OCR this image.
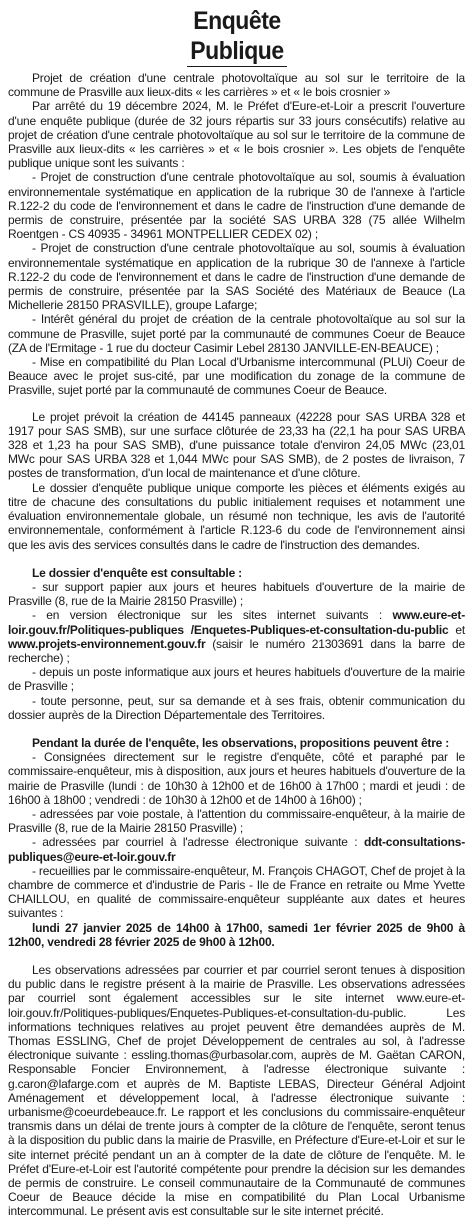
Enquête Publique

Projet de création d'une centrale photovoltaïque au sol sur le territoire de la commune de Prasville aux lieux-dits « les carrières » et « le bois crosnier »

Par arrêté du 19 décembre 2024, M. le Préfet d'Eure-et-Loir a prescrit l'ouverture d'une enquête publique (durée de 32 jours répartis sur 33 jours consécutifs) relative au projet de création d'une centrale photovoltaïque au sol sur le territoire de la commune de Prasville aux lieux-dits « les carrières » et « le bois crosnier ». Les objets de l'enquête publique unique sont les suivants :

- Projet de construction d'une centrale photovoltaïque au sol, soumis à évaluation environnementale systématique en application de la rubrique 30 de l'annexe à l'article R.122-2 du code de l'environnement et dans le cadre de l'instruction d'une demande de permis de construire, présentée par la société SAS URBA 328 (75 allée Wilhelm Roentgen - CS 40935 - 34961 MONTPELLIER CEDEX 02) ;

- Projet de construction d'une centrale photovoltaïque au sol, soumis à évaluation environnementale systématique en application de la rubrique 30 de l'annexe à l'article R.122-2 du code de l'environnement et dans le cadre de l'instruction d'une demande de permis de construire, présentée par la SAS Société des Matériaux de Beauce (La Michellerie 28150 PRASVILLE), groupe Lafarge;

- Intérêt général du projet de création de la centrale photovoltaïque au sol sur la commune de Prasville, sujet porté par la communauté de communes Coeur de Beauce (ZA de l'Ermitage - 1 rue du docteur Casimir Lebel 28130 JANVILLE-EN-BEAUCE) ;

- Mise en compatibilité du Plan Local d'Urbanisme intercommunal (PLUi) Coeur de Beauce avec le projet sus-cité, par une modification du zonage de la commune de Prasville, sujet porté par la communauté de communes Coeur de Beauce.

Le projet prévoit la création de 44145 panneaux (42228 pour SAS URBA 328 et 1917 pour SAS SMB), sur une surface clôturée de 23,33 ha (22,1 ha pour SAS URBA 328 et 1,23 ha pour SAS SMB), d'une puissance totale d'environ 24,05 MWc (23,01 MWc pour SAS URBA 328 et 1,044 MWc pour SAS SMB), de 2 postes de livraison, 7 postes de transformation, d'un local de maintenance et d'une clôture.

Le dossier d'enquête publique unique comporte les pièces et éléments exigés au titre de chacune des consultations du public initialement requises et notamment une évaluation environnementale globale, un résumé non technique, les avis de l'autorité environnementale, conformément à l'article R.123-6 du code de l'environnement ainsi que les avis des services consultés dans le cadre de l'instruction des demandes.

Le dossier d'enquête est consultable :

- sur support papier aux jours et heures habituels d'ouverture de la mairie de Prasville (8, rue de la Mairie 28150 Prasville) ;

- en version électronique sur les sites internet suivants : www.eure-et-loir.gouv.fr/Politiques-publiques /Enquetes-Publiques-et-consultation-du-public et www.projets-environnement.gouv.fr (saisir le numéro 21303691 dans la barre de recherche) ;

- depuis un poste informatique aux jours et heures habituels d'ouverture de la mairie de Prasville ;

- toute personne, peut, sur sa demande et à ses frais, obtenir communication du dossier auprès de la Direction Départementale des Territoires.

Pendant la durée de l'enquête, les observations, propositions peuvent être :

- Consignées directement sur le registre d'enquête, côté et paraphé par le commissaire-enquêteur, mis à disposition, aux jours et heures habituels d'ouverture de la mairie de Prasville (lundi : de 10h30 à 12h00 et de 16h00 à 17h00 ; mardi et jeudi : de 16h00 à 18h00 ; vendredi : de 10h30 à 12h00 et de 14h00 à 16h00) ;

- adressées par voie postale, à l'attention du commissaire-enquêteur, à la mairie de Prasville (8, rue de la Mairie 28150 Prasville) ;

- adressées par courriel à l'adresse électronique suivante : ddt-consultations-publiques@eure-et-loir.gouv.fr

- recueillies par le commissaire-enquêteur, M. François CHAGOT, Chef de projet à la chambre de commerce et d'industrie de Paris - Ile de France en retraite ou Mme Yvette CHAILLOU, en qualité de commissaire-enquêteur suppléante aux dates et heures suivantes :

lundi 27 janvier 2025 de 14h00 à 17h00, samedi 1er février 2025 de 9h00 à 12h00, vendredi 28 février 2025 de 9h00 à 12h00.

Les observations adressées par courrier et par courriel seront tenues à disposition du public dans le registre présent à la mairie de Prasville. Les observations adressées par courriel sont également accessibles sur le site internet www.eure-et-loir.gouv.fr/Politiques-publiques/Enquetes-Publiques-et-consultation-du-public. Les informations techniques relatives au projet peuvent être demandées auprès de M. Thomas ESSLING, Chef de projet Développement de centrales au sol, à l'adresse électronique suivante : essling.thomas@urbasolar.com, auprès de M. Gaëtan CARON, Responsable Foncier Environnement, à l'adresse électronique suivante : g.caron@lafarge.com et auprès de M. Baptiste LEBAS, Directeur Général Adjoint Aménagement et développement local, à l'adresse électronique suivante : urbanisme@coeurdebeauce.fr. Le rapport et les conclusions du commissaire-enquêteur transmis dans un délai de trente jours à compter de la clôture de l'enquête, seront tenus à la disposition du public dans la mairie de Prasville, en Préfecture d'Eure-et-Loir et sur le site internet précité pendant un an à compter de la date de clôture de l'enquête. M. le Préfet d'Eure-et-Loir est l'autorité compétente pour prendre la décision sur les demandes de permis de construire. Le conseil communautaire de la Communauté de communes Coeur de Beauce décide la mise en compatibilité du Plan Local Urbanisme intercommunal. Le présent avis est consultable sur le site internet précité.
